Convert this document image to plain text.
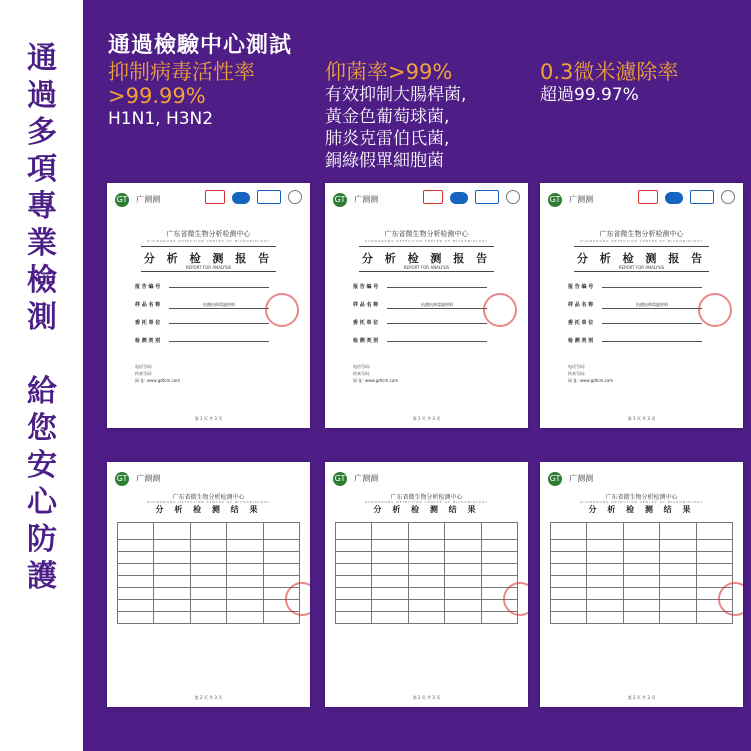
通
過
多
項
專
業
檢
測
給
您
安
心
防
護
通過檢驗中心測試
抑制病毒活性率
>99.99%
H1N1, H3N2
仰菌率>99%
有效抑制大腸桿菌,
黃金色葡萄球菌,
肺炎克雷伯氏菌,
銅綠假單細胞菌
0.3微米濾除率
超過99.97%
GT 广测测

广东省微生物分析检测中心
GUANGDONG DETECTION CENTER OF MICROBIOLOGY
分 析 检 测 报 告
REPORT FOR ANALYSIS
报 告 编 号
样 品 名 称	抗菌抗病毒滤材料
委 托 单 位
检 测 类 别
电话号码:
传真号码:
网 址: www.gdtcm.com
第 1 页 共 3 页
GT 广测测

广东省微生物分析检测中心
GUANGDONG DETECTION CENTER OF MICROBIOLOGY
分 析 检 测 报 告
REPORT FOR ANALYSIS
报 告 编 号
样 品 名 称	抗菌抗病毒滤材料
委 托 单 位
检 测 类 别
电话号码:
传真号码:
网 址: www.gdtcm.com
第 1 页 共 3 页
GT 广测测

广东省微生物分析检测中心
GUANGDONG DETECTION CENTER OF MICROBIOLOGY
分 析 检 测 报 告
REPORT FOR ANALYSIS
报 告 编 号
样 品 名 称	抗菌抗病毒滤材料
委 托 单 位
检 测 类 别
电话号码:
传真号码:
网 址: www.gdtcm.com
第 1 页 共 3 页
GT 广测测
广东省微生物分析检测中心
GUANGDONG DETECTION CENTER OF MICROBIOLOGY
分 析 检 测 结 果

第 2 页 共 3 页
GT 广测测
广东省微生物分析检测中心
GUANGDONG DETECTION CENTER OF MICROBIOLOGY
分 析 检 测 结 果

第 2 页 共 3 页
GT 广测测
广东省微生物分析检测中心
GUANGDONG DETECTION CENTER OF MICROBIOLOGY
分 析 检 测 结 果

第 2 页 共 3 页
